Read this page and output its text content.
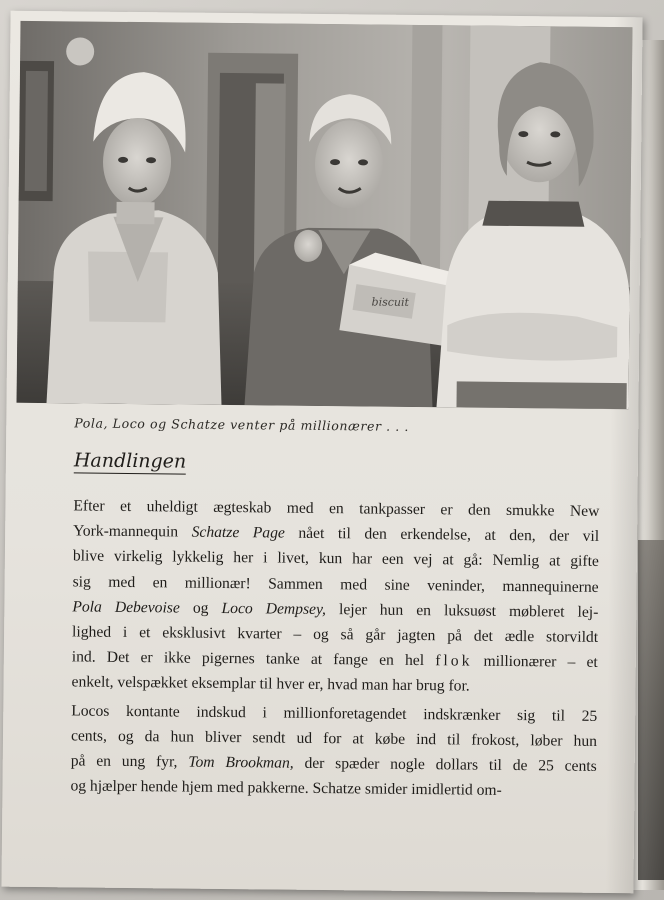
biscuit
Pola, Loco og Schatze venter på millionærer . . .
Handlingen
Efter et uheldigt ægteskab med en tankpasser er den smukke New
York-mannequin Schatze Page nået til den erkendelse, at den, der vil
blive virkelig lykkelig her i livet, kun har een vej at gå: Nemlig at gifte
sig med en millionær! Sammen med sine veninder, mannequinerne
Pola Debevoise og Loco Dempsey, lejer hun en luksuøst møbleret lej-
lighed i et eksklusivt kvarter – og så går jagten på det ædle storvildt
ind. Det er ikke pigernes tanke at fange en hel flok millionærer – et
enkelt, velspækket eksemplar til hver er, hvad man har brug for.
Locos kontante indskud i millionforetagendet indskrænker sig til 25
cents, og da hun bliver sendt ud for at købe ind til frokost, løber hun
på en ung fyr, Tom Brookman, der spæder nogle dollars til de 25 cents
og hjælper hende hjem med pakkerne. Schatze smider imidlertid om-
